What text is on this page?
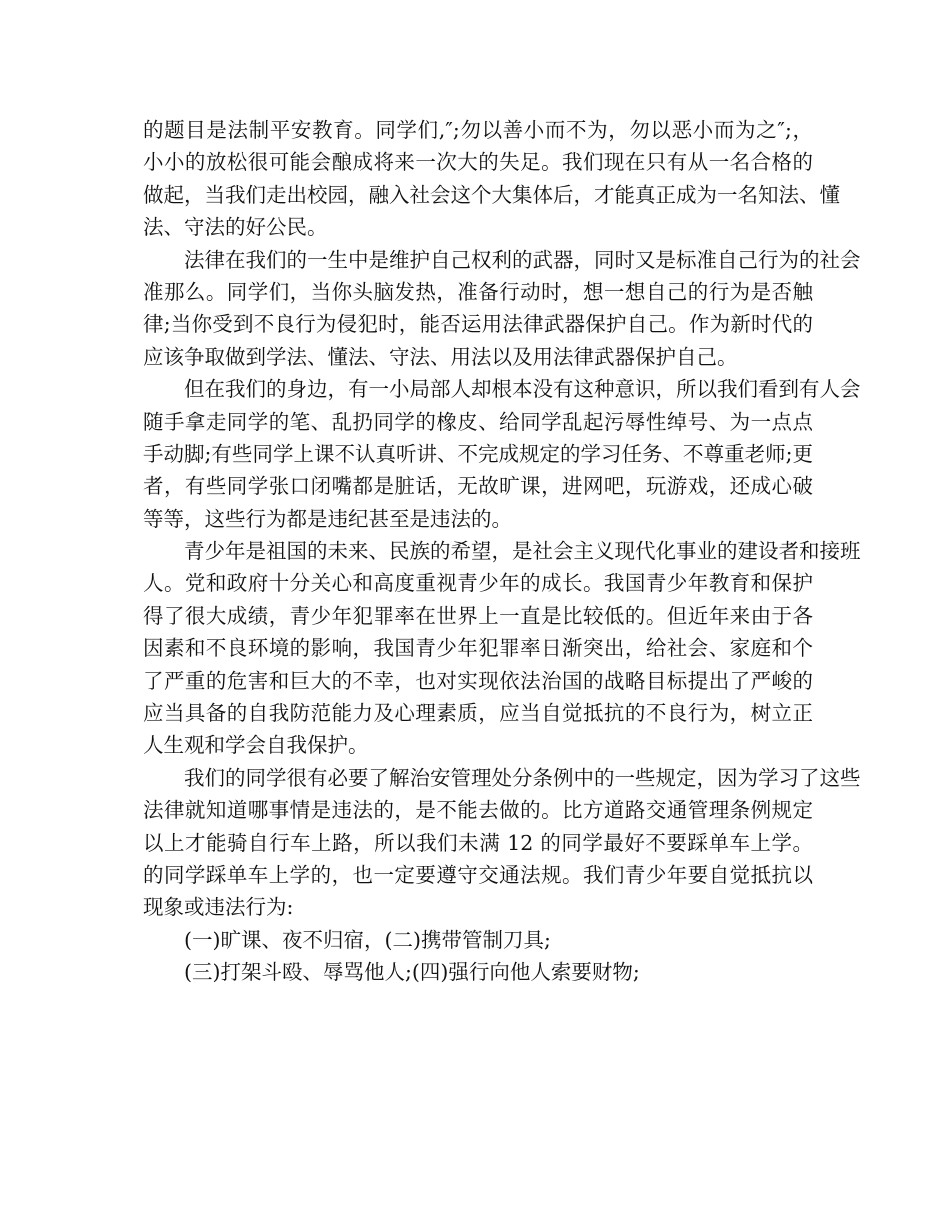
的题目是法制平安教育。同学们,″;勿以善小而不为，勿以恶小而为之″;，
小小的放松很可能会酿成将来一次大的失足。我们现在只有从一名合格的
做起，当我们走出校园，融入社会这个大集体后，才能真正成为一名知法、懂
法、守法的好公民。
法律在我们的一生中是维护自己权利的武器，同时又是标准自己行为的社会
准那么。同学们，当你头脑发热，准备行动时，想一想自己的行为是否触
律;当你受到不良行为侵犯时，能否运用法律武器保护自己。作为新时代的
应该争取做到学法、懂法、守法、用法以及用法律武器保护自己。
但在我们的身边，有一小局部人却根本没有这种意识，所以我们看到有人会
随手拿走同学的笔、乱扔同学的橡皮、给同学乱起污辱性绰号、为一点点
手动脚;有些同学上课不认真听讲、不完成规定的学习任务、不尊重老师;更
者，有些同学张口闭嘴都是脏话，无故旷课，进网吧，玩游戏，还成心破
等等，这些行为都是违纪甚至是违法的。
青少年是祖国的未来、民族的希望，是社会主义现代化事业的建设者和接班
人。党和政府十分关心和高度重视青少年的成长。我国青少年教育和保护
得了很大成绩，青少年犯罪率在世界上一直是比较低的。但近年来由于各
因素和不良环境的影响，我国青少年犯罪率日渐突出，给社会、家庭和个
了严重的危害和巨大的不幸，也对实现依法治国的战略目标提出了严峻的
应当具备的自我防范能力及心理素质，应当自觉抵抗的不良行为，树立正
人生观和学会自我保护。
我们的同学很有必要了解治安管理处分条例中的一些规定，因为学习了这些
法律就知道哪事情是违法的，是不能去做的。比方道路交通管理条例规定
以上才能骑自行车上路，所以我们未满 12 的同学最好不要踩单车上学。
的同学踩单车上学的，也一定要遵守交通法规。我们青少年要自觉抵抗以
现象或违法行为:
(一)旷课、夜不归宿，(二)携带管制刀具;
(三)打架斗殴、辱骂他人;(四)强行向他人索要财物;
